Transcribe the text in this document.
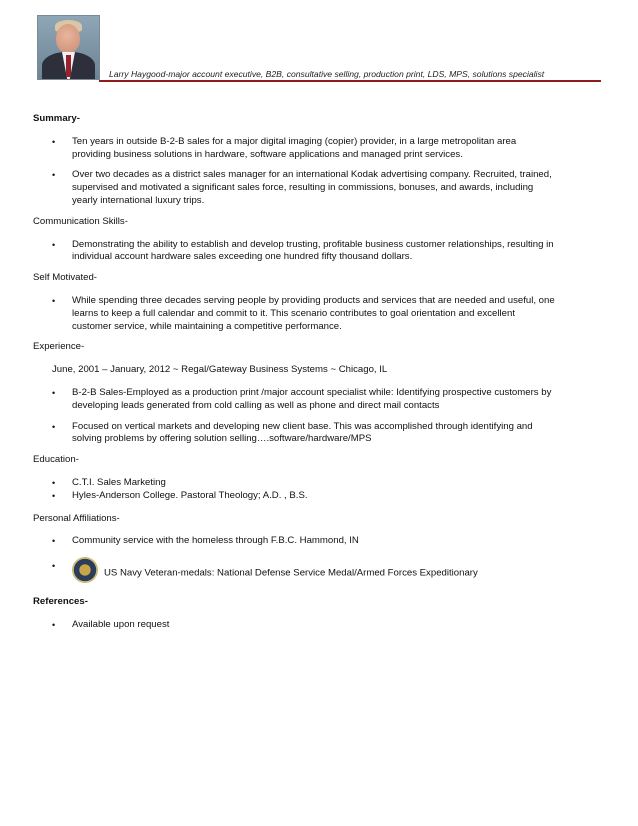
Larry Haygood-major account executive, B2B, consultative selling, production print, LDS, MPS, solutions specialist
Summary-
• Ten years in outside B-2-B sales for a major digital imaging (copier) provider, in a large metropolitan area
providing business solutions in hardware, software applications and managed print services.
• Over two decades as a district sales manager for an international Kodak advertising company. Recruited, trained,
supervised and motivated a significant sales force, resulting in commissions, bonuses, and awards, including
yearly international luxury trips.
Communication Skills-
• Demonstrating the ability to establish and develop trusting, profitable business customer relationships, resulting in
individual account hardware sales exceeding one hundred fifty thousand dollars.
Self Motivated-
• While spending three decades serving people by providing products and services that are needed and useful, one
learns to keep a full calendar and commit to it. This scenario contributes to goal orientation and excellent
customer service, while maintaining a competitive performance.
Experience-
June, 2001 – January, 2012 ~ Regal/Gateway Business Systems ~ Chicago, IL
• B-2-B Sales-Employed as a production print /major account specialist while: Identifying prospective customers by
developing leads generated from cold calling as well as phone and direct mail contacts
• Focused on vertical markets and developing new client base. This was accomplished through identifying and
solving problems by offering solution selling….software/hardware/MPS
Education-
• C.T.I. Sales Marketing
• Hyles-Anderson College. Pastoral Theology; A.D. , B.S.
Personal Affiliations-
• Community service with the homeless through F.B.C. Hammond, IN
•
US Navy Veteran-medals: National Defense Service Medal/Armed Forces Expeditionary
References-
• Available upon request
